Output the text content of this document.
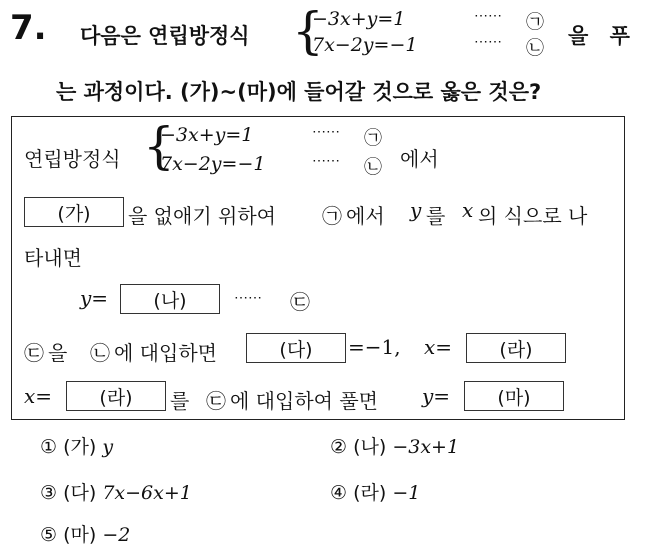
7. 다음은 연립방정식 {
−3x+y=1
7x−2y=−1
⋯⋯
⋯⋯
㉠
㉡
을 푸
는 과정이다. (가)~(마)에 들어갈 것으로 옳은 것은?
연립방정식 {
−3x+y=1
7x−2y=−1
⋯⋯
⋯⋯
㉠
㉡ 에서
(가)	을 없애기 위하여 ㉠ 에서 y 를 x 의 식으로 나
타내면
y=	(나)	⋯⋯ ㉢
㉢ 을 ㉡ 에 대입하면	(다)	=−1, x=	(라)
x=	(라)	를 ㉢ 에 대입하여 풀면 y=	(마)
① (가) y	② (나) −3x+1
③ (다) 7x−6x+1	④ (라) −1
⑤ (마) −2
